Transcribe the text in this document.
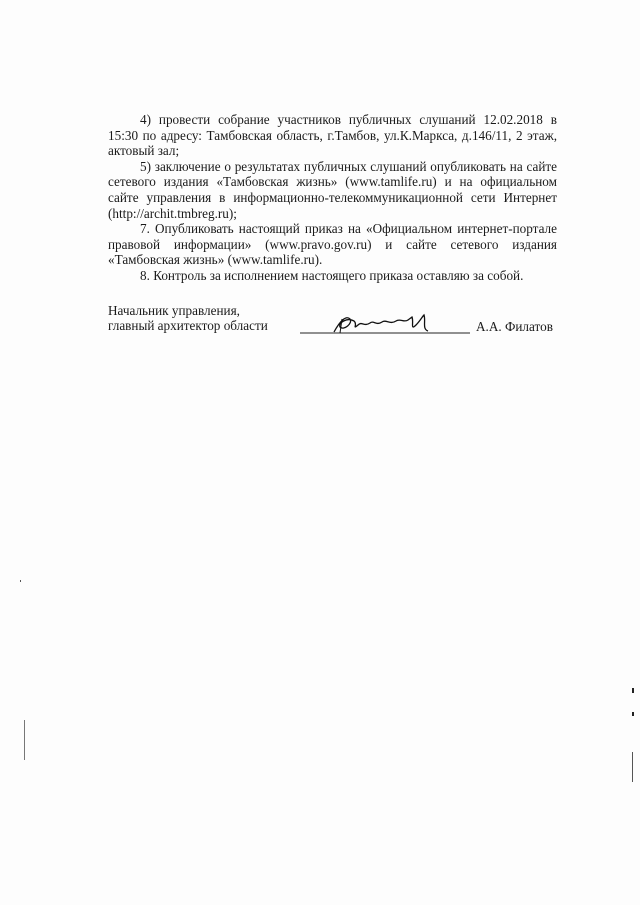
4) провести собрание участников публичных слушаний 12.02.2018 в 15:30 по адресу: Тамбовская область, г.Тамбов, ул.К.Маркса, д.146/11, 2 этаж, актовый зал;

5) заключение о результатах публичных слушаний опубликовать на сайте сетевого издания «Тамбовская жизнь» (www.tamlife.ru) и на официальном сайте управления в информационно-телекоммуникационной сети Интернет (http://archit.tmbreg.ru);

7. Опубликовать настоящий приказ на «Официальном интернет-портале правовой информации» (www.pravo.gov.ru) и сайте сетевого издания «Тамбовская жизнь» (www.tamlife.ru).

8. Контроль за исполнением настоящего приказа оставляю за собой.

Начальник управления,
главный архитектор области	А.А. Филатов
